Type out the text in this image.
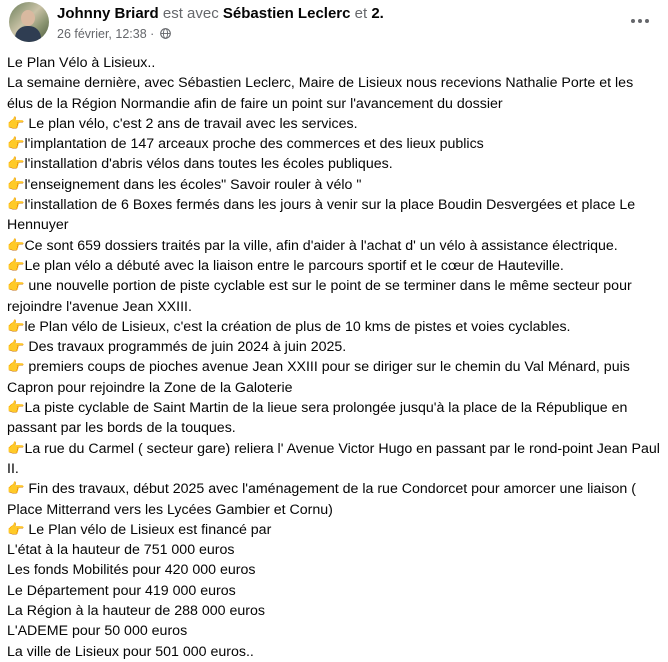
Johnny Briard est avec Sébastien Leclerc et 2.
26 février, 12:38 ·

Le Plan Vélo à Lisieux..

La semaine dernière, avec Sébastien Leclerc, Maire de Lisieux nous recevions Nathalie Porte et les élus de la Région Normandie afin de faire un point sur l'avancement du dossier

👉 Le plan vélo, c'est 2 ans de travail avec les services.

👉l'implantation de 147 arceaux proche des commerces et des lieux publics

👉l'installation d'abris vélos dans toutes les écoles publiques.

👉l'enseignement dans les écoles" Savoir rouler à vélo "

👉l'installation de 6 Boxes fermés dans les jours à venir sur la place Boudin Desvergées et place Le Hennuyer

👉Ce sont 659 dossiers traités par la ville, afin d'aider à l'achat d' un vélo à assistance électrique.

👉Le plan vélo a débuté avec la liaison entre le parcours sportif et le cœur de Hauteville.

👉 une nouvelle portion de piste cyclable est sur le point de se terminer dans le même secteur pour rejoindre l'avenue Jean XXIII.

👉le Plan vélo de Lisieux, c'est la création de plus de 10 kms de pistes et voies cyclables.

👉 Des travaux programmés de juin 2024 à juin 2025.

👉 premiers coups de pioches avenue Jean XXIII pour se diriger sur le chemin du Val Ménard, puis Capron pour rejoindre la Zone de la Galoterie

👉La piste cyclable de Saint Martin de la lieue sera prolongée jusqu'à la place de la République en passant par les bords de la touques.

👉La rue du Carmel ( secteur gare) reliera l' Avenue Victor Hugo en passant par le rond-point Jean Paul II.

👉 Fin des travaux, début 2025 avec l'aménagement de la rue Condorcet pour amorcer une liaison ( Place Mitterrand vers les Lycées Gambier et Cornu)

👉 Le Plan vélo de Lisieux est financé par

L'état à la hauteur de 751 000 euros

Les fonds Mobilités pour 420 000 euros

Le Département pour 419 000 euros

La Région à la hauteur de 288 000 euros

L'ADEME pour 50 000 euros

La ville de Lisieux pour 501 000 euros..
